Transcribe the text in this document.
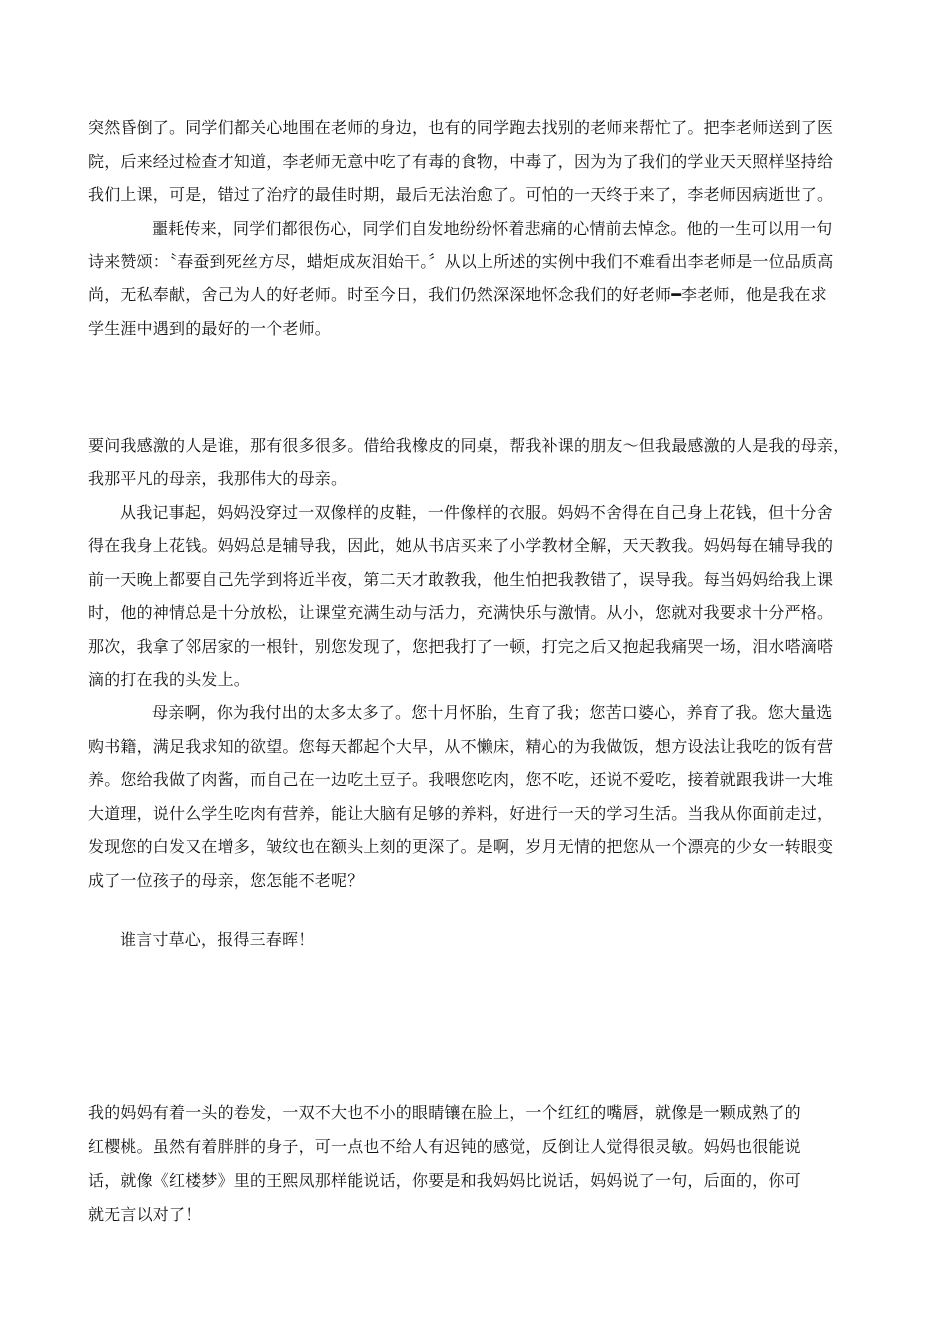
突然昏倒了。同学们都关心地围在老师的身边，也有的同学跑去找别的老师来帮忙了。把李老师送到了医
院，后来经过检查才知道，李老师无意中吃了有毒的食物，中毒了，因为为了我们的学业天天照样坚持给
我们上课，可是，错过了治疗的最佳时期，最后无法治愈了。可怕的一天终于来了，李老师因病逝世了。
噩耗传来，同学们都很伤心，同学们自发地纷纷怀着悲痛的心情前去悼念。他的一生可以用一句
诗来赞颂：〝春蚕到死丝方尽，蜡炬成灰泪始干。〞从以上所述的实例中我们不难看出李老师是一位品质高
尚，无私奉献，舍己为人的好老师。时至今日，我们仍然深深地怀念我们的好老师━李老师，他是我在求
学生涯中遇到的最好的一个老师。
要问我感激的人是谁，那有很多很多。借给我橡皮的同桌，帮我补课的朋友～但我最感激的人是我的母亲，
我那平凡的母亲，我那伟大的母亲。
从我记事起，妈妈没穿过一双像样的皮鞋，一件像样的衣服。妈妈不舍得在自己身上花钱，但十分舍
得在我身上花钱。妈妈总是辅导我，因此，她从书店买来了小学教材全解，天天教我。妈妈每在辅导我的
前一天晚上都要自己先学到将近半夜，第二天才敢教我，他生怕把我教错了，误导我。每当妈妈给我上课
时，他的神情总是十分放松，让课堂充满生动与活力，充满快乐与激情。从小，您就对我要求十分严格。
那次，我拿了邻居家的一根针，别您发现了，您把我打了一顿，打完之后又抱起我痛哭一场，泪水嗒滴嗒
滴的打在我的头发上。
母亲啊，你为我付出的太多太多了。您十月怀胎，生育了我；您苦口婆心，养育了我。您大量选
购书籍，满足我求知的欲望。您每天都起个大早，从不懒床，精心的为我做饭，想方设法让我吃的饭有营
养。您给我做了肉酱，而自己在一边吃土豆子。我喂您吃肉，您不吃，还说不爱吃，接着就跟我讲一大堆
大道理，说什么学生吃肉有营养，能让大脑有足够的养料，好进行一天的学习生活。当我从你面前走过，
发现您的白发又在增多，皱纹也在额头上刻的更深了。是啊，岁月无情的把您从一个漂亮的少女一转眼变
成了一位孩子的母亲，您怎能不老呢？
谁言寸草心，报得三春晖！
我的妈妈有着一头的卷发，一双不大也不小的眼睛镶在脸上，一个红红的嘴唇，就像是一颗成熟了的
红樱桃。虽然有着胖胖的身子，可一点也不给人有迟钝的感觉，反倒让人觉得很灵敏。妈妈也很能说
话，就像《红楼梦》里的王熙凤那样能说话，你要是和我妈妈比说话，妈妈说了一句，后面的，你可
就无言以对了！
